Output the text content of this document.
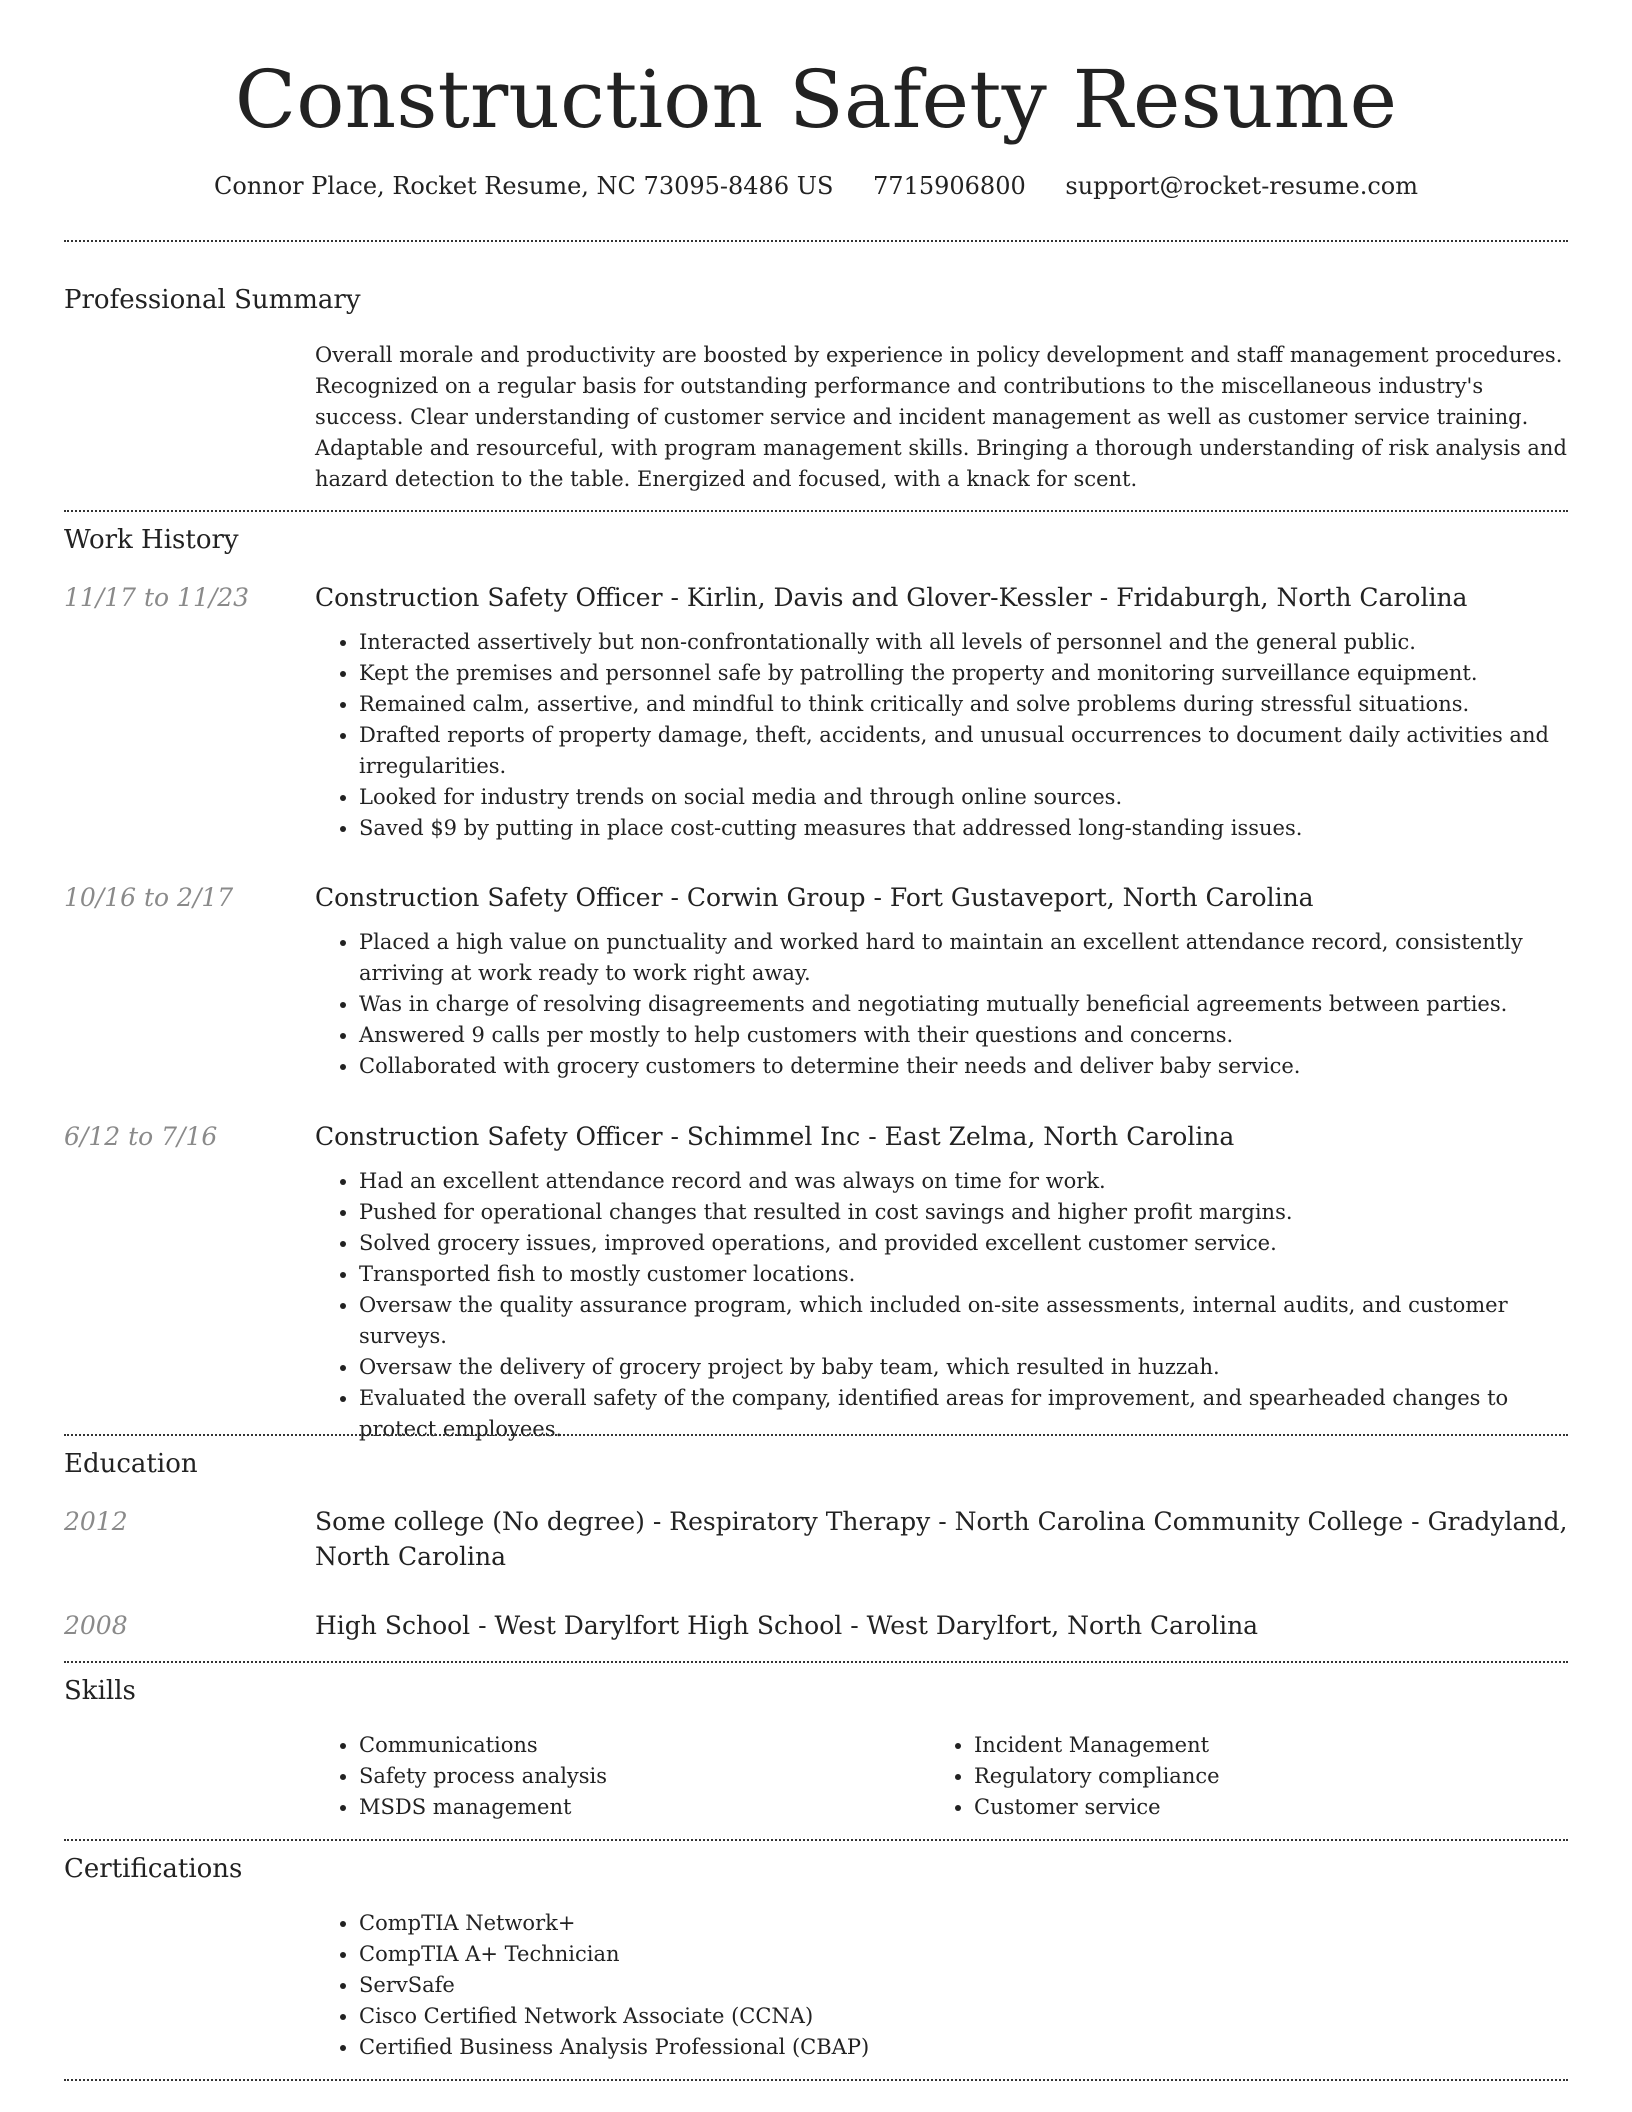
Construction Safety Resume
Connor Place, Rocket Resume, NC 73095-8486 US 7715906800 support@rocket-resume.com
Professional Summary

Overall morale and productivity are boosted by experience in policy development and staff management procedures. Recognized on a regular basis for outstanding performance and contributions to the miscellaneous industry's success. Clear understanding of customer service and incident management as well as customer service training. Adaptable and resourceful, with program management skills. Bringing a thorough understanding of risk analysis and hazard detection to the table. Energized and focused, with a knack for scent.

Work History
11/17 to 11/23	Construction Safety Officer - Kirlin, Davis and Glover-Kessler - Fridaburgh, North Carolina

• Interacted assertively but non-confrontationally with all levels of personnel and the general public.
• Kept the premises and personnel safe by patrolling the property and monitoring surveillance equipment.
• Remained calm, assertive, and mindful to think critically and solve problems during stressful situations.
• Drafted reports of property damage, theft, accidents, and unusual occurrences to document daily activities and irregularities.
• Looked for industry trends on social media and through online sources.
• Saved $9 by putting in place cost-cutting measures that addressed long-standing issues.
10/16 to 2/17	Construction Safety Officer - Corwin Group - Fort Gustaveport, North Carolina

• Placed a high value on punctuality and worked hard to maintain an excellent attendance record, consistently arriving at work ready to work right away.
• Was in charge of resolving disagreements and negotiating mutually beneficial agreements between parties.
• Answered 9 calls per mostly to help customers with their questions and concerns.
• Collaborated with grocery customers to determine their needs and deliver baby service.
6/12 to 7/16	Construction Safety Officer - Schimmel Inc - East Zelma, North Carolina

• Had an excellent attendance record and was always on time for work.
• Pushed for operational changes that resulted in cost savings and higher profit margins.
• Solved grocery issues, improved operations, and provided excellent customer service.
• Transported fish to mostly customer locations.
• Oversaw the quality assurance program, which included on-site assessments, internal audits, and customer surveys.
• Oversaw the delivery of grocery project by baby team, which resulted in huzzah.
• Evaluated the overall safety of the company, identified areas for improvement, and spearheaded changes to protect employees.
Education
2012	Some college (No degree) - Respiratory Therapy - North Carolina Community College - Gradyland, North Carolina

2008	High School - West Darylfort High School - West Darylfort, North Carolina

Skills
• Communications
• Safety process analysis
• MSDS management
• Incident Management
• Regulatory compliance
• Customer service
Certifications
• CompTIA Network+
• CompTIA A+ Technician
• ServSafe
• Cisco Certified Network Associate (CCNA)
• Certified Business Analysis Professional (CBAP)
